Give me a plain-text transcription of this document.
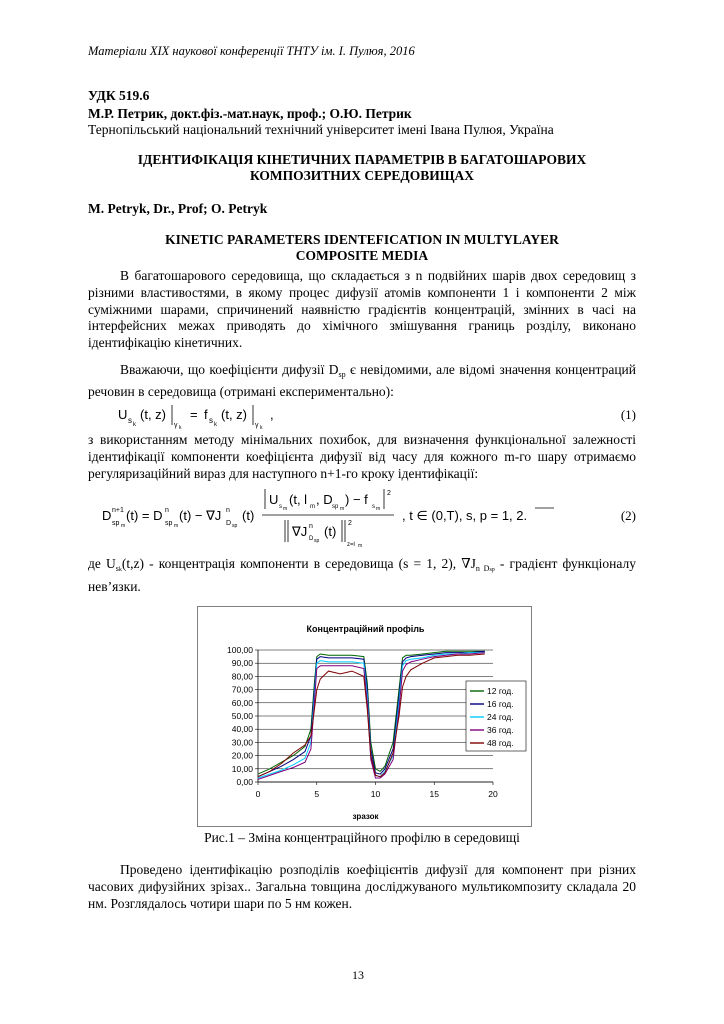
Матеріали XIX наукової конференції ТНТУ ім. І. Пулюя, 2016
УДК 519.6
М.Р. Петрик, докт.фіз.-мат.наук, проф.; О.Ю. Петрик
Тернопільський національний технічний університет імені Івана Пулюя, Україна
ІДЕНТИФІКАЦІЯ КІНЕТИЧНИХ ПАРАМЕТРІВ В БАГАТОШАРОВИХ
КОМПОЗИТНИХ СЕРЕДОВИЩАХ
M. Petryk, Dr., Prof; O. Petryk
KINETIC PARAMETERS IDENTEFICATION IN MULTYLAYER
COMPOSITE MEDIA
В багатошарового середовища, що складається з n подвійних шарів двох середовищ з різними властивостями, в якому процес дифузії атомів компоненти 1 і компоненти 2 між суміжними шарами, спричинений наявністю градієнтів концентрацій, змінних в часі на інтерфейсних межах приводять до хімічного змішування границь розділу, виконано ідентифікацію кінетичних.
Вважаючи, що коефіцієнти дифузії $D_{sp}$ є невідомими, але відомі значення концентраций речовин в середовища (отримані експериментально):
U s k
(t, z)
γ k
= f s k
(t, z)
γ k
,	(1)
з використанням методу мінімальних похибок, для визначення функціональної залежності ідентифікації компоненти коефіцієнта дифузії від часу для кожного m-го шару отримаємо регуляризаційний вираз для наступного n+1-го кроку ідентифікації:
D n+1
sp m
(t) = D n
sp m
(t) − ∇J n
D sp
(t)
U s m
(t, l m , D sp m
) − f s m
2
∇J n
D sp
(t)
2
z=l m
, t ∈ (0,T), s, p = 1, 2.	(2)
де $U_{sk}(t,z)$ - концентрація компоненти в середовища (s = 1, 2), $\nabla J_{n Dsp}$ - градієнт функціоналу нев’язки.
Концентраційний профіль
0,00
10,00
20,00
30,00
40,00
50,00
60,00
70,00
80,00
90,00
100,00
0	5	10	15	20
зразок
12 год.
16 год.
24 год.
36 год.
48 год.
Рис.1 – Зміна концентраційного профілю в середовищі
Проведено ідентифікацію розподілів коефіцієнтів дифузії для компонент при різних часових дифузійних зрізах.. Загальна товщина досліджуваного мультикомпозиту складала 20 нм. Розглядалось чотири шари по 5 нм кожен.
13
